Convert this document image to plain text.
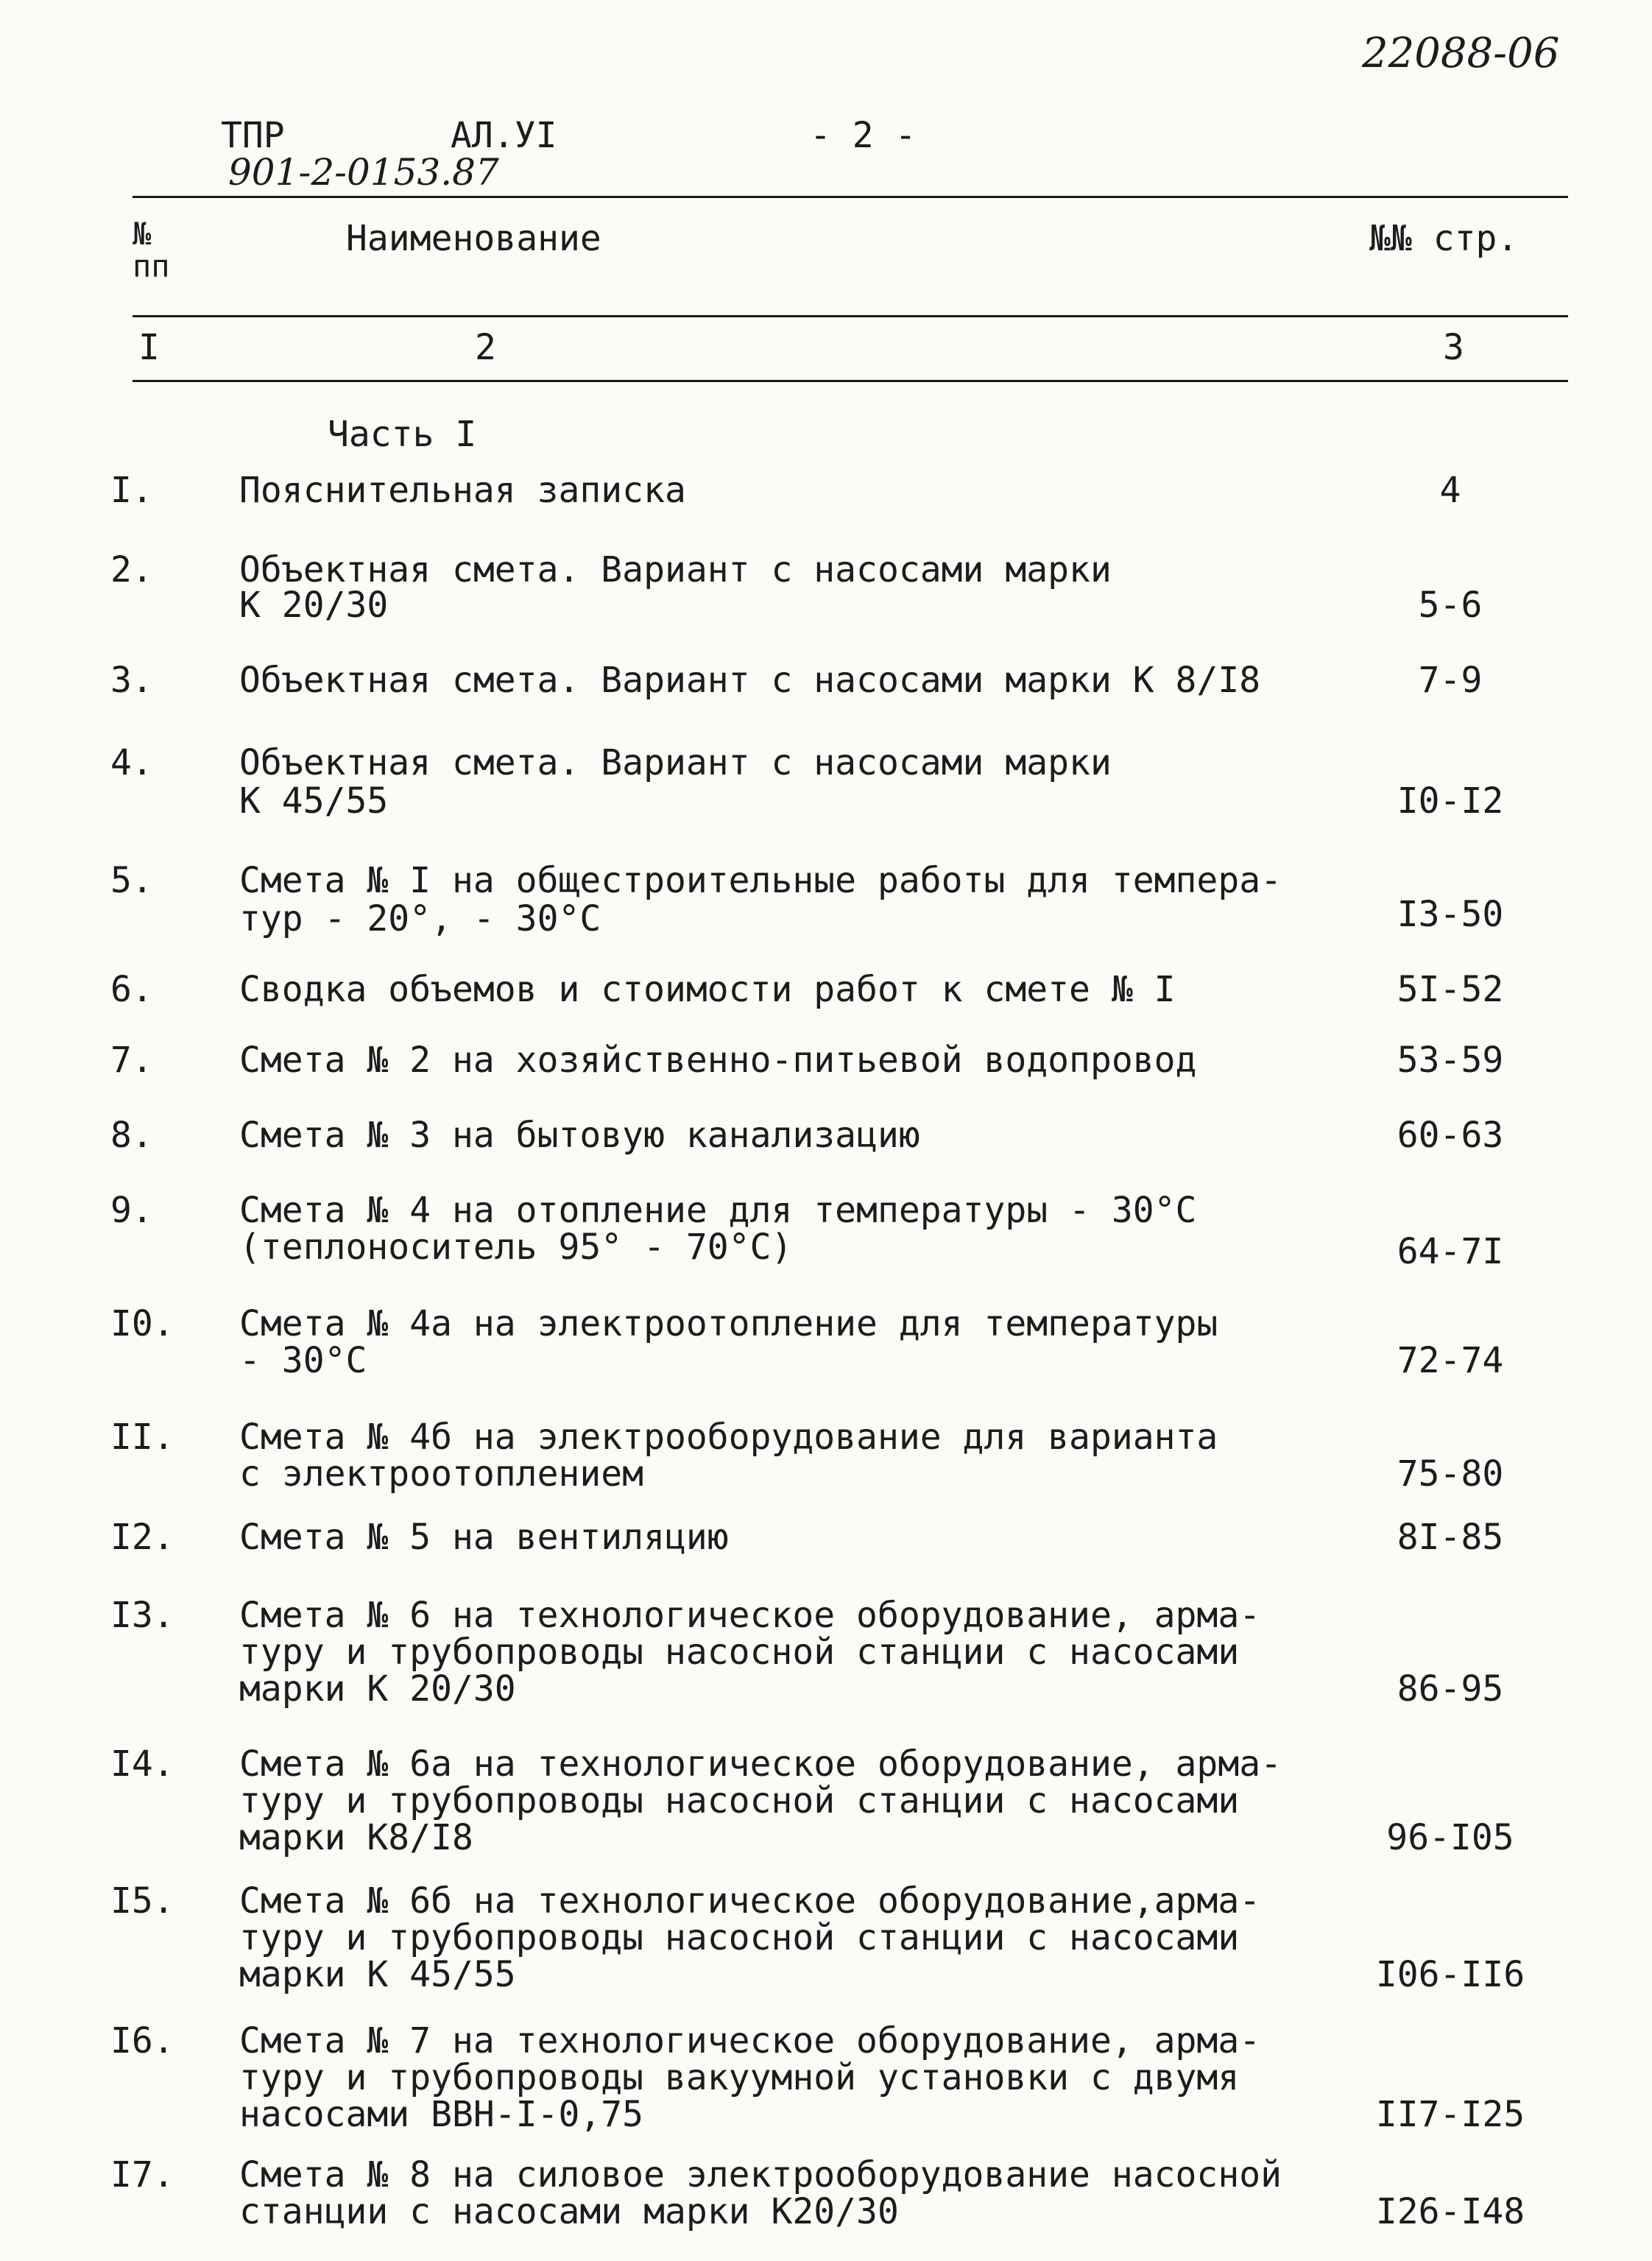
22088-06
ТПР	АЛ.УI	- 2 -
901-2-0153.87
№
пп
Наименование	№№ стр.
I	2	3
Часть I
I. Пояснительная записка	4
2. Объектная смета. Вариант с насосами марки
К 20/30	5-6
3. Объектная смета. Вариант с насосами марки К 8/I8	7-9
4. Объектная смета. Вариант с насосами марки
К 45/55	I0-I2
5. Смета № I на общестроительные работы для темпера-
тур - 20°, - 30°С	I3-50
6. Сводка объемов и стоимости работ к смете № I	5I-52
7. Смета № 2 на хозяйственно-питьевой водопровод	53-59
8. Смета № 3 на бытовую канализацию	60-63
9. Смета № 4 на отопление для температуры - 30°С
(теплоноситель 95° - 70°С)	64-7I
I0. Смета № 4а на электроотопление для температуры
- 30°С	72-74
II. Смета № 4б на электрооборудование для варианта
с электроотоплением	75-80
I2. Смета № 5 на вентиляцию	8I-85
I3. Смета № 6 на технологическое оборудование, арма-
туру и трубопроводы насосной станции с насосами
марки К 20/30	86-95
I4. Смета № 6а на технологическое оборудование, арма-
туру и трубопроводы насосной станции с насосами
марки К8/I8	96-I05
I5. Смета № 6б на технологическое оборудование,арма-
туру и трубопроводы насосной станции с насосами
марки К 45/55	I06-II6
I6. Смета № 7 на технологическое оборудование, арма-
туру и трубопроводы вакуумной установки с двумя
насосами ВВН-I-0,75	II7-I25
I7. Смета № 8 на силовое электрооборудование насосной
станции с насосами марки К20/30	I26-I48
